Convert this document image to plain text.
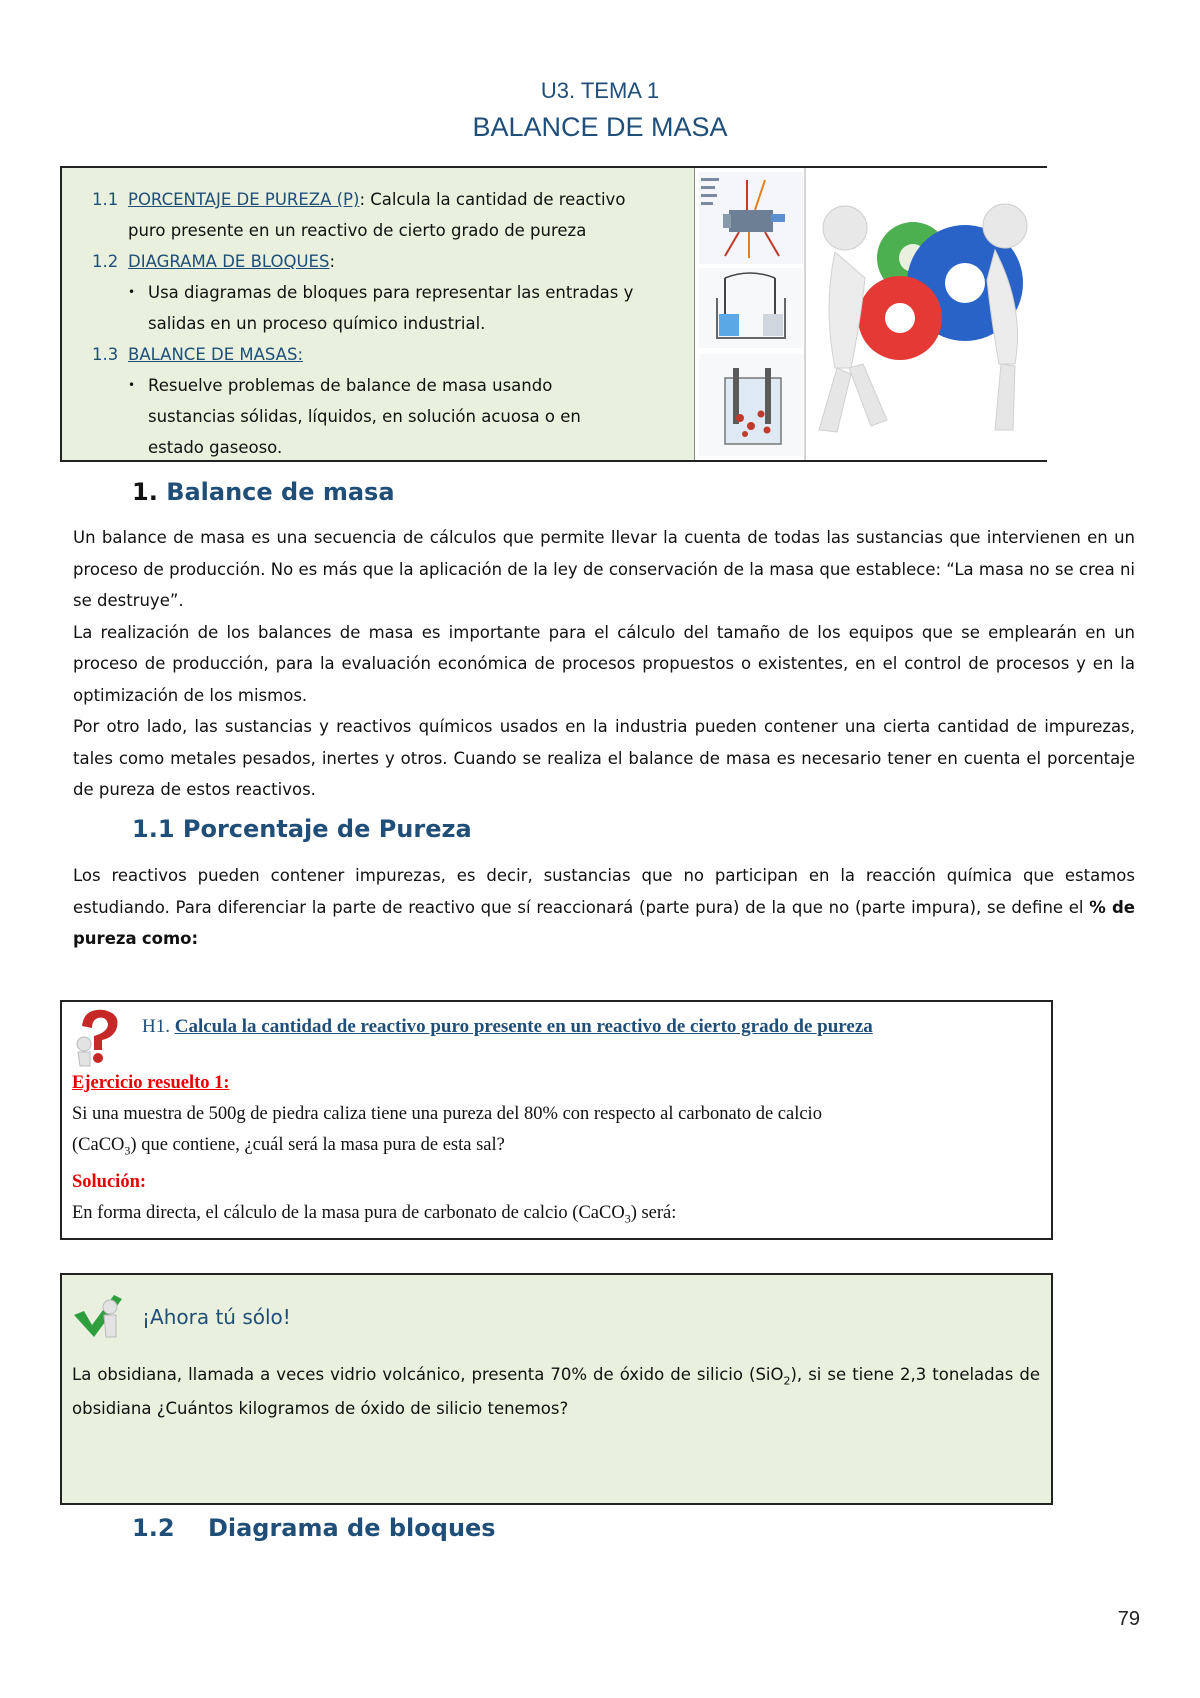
U3. TEMA 1
BALANCE DE MASA
1.1 PORCENTAJE DE PUREZA (P): Calcula la cantidad de reactivo
puro presente en un reactivo de cierto grado de pureza
1.2 DIAGRAMA DE BLOQUES:
• Usa diagramas de bloques para representar las entradas y
salidas en un proceso químico industrial.
1.3 BALANCE DE MASAS:
• Resuelve problemas de balance de masa usando
sustancias sólidas, líquidos, en solución acuosa o en
estado gaseoso.
1. Balance de masa

Un balance de masa es una secuencia de cálculos que permite llevar la cuenta de todas las sustancias que intervienen en un proceso de producción. No es más que la aplicación de la ley de conservación de la masa que establece: “La masa no se crea ni se destruye”.

La realización de los balances de masa es importante para el cálculo del tamaño de los equipos que se emplearán en un proceso de producción, para la evaluación económica de procesos propuestos o existentes, en el control de procesos y en la optimización de los mismos.

Por otro lado, las sustancias y reactivos químicos usados en la industria pueden contener una cierta cantidad de impurezas, tales como metales pesados, inertes y otros. Cuando se realiza el balance de masa es necesario tener en cuenta el porcentaje de pureza de estos reactivos.

1.1 Porcentaje de Pureza

Los reactivos pueden contener impurezas, es decir, sustancias que no participan en la reacción química que estamos estudiando. Para diferenciar la parte de reactivo que sí reaccionará (parte pura) de la que no (parte impura), se define el % de pureza como:

H1. Calcula la cantidad de reactivo puro presente en un reactivo de cierto grado de pureza
Ejercicio resuelto 1:
Si una muestra de 500g de piedra caliza tiene una pureza del 80% con respecto al carbonato de calcio
(CaCO$_3$) que contiene, ¿cuál será la masa pura de esta sal?
Solución:
En forma directa, el cálculo de la masa pura de carbonato de calcio (CaCO$_3$) será:
¡Ahora tú sólo!
La obsidiana, llamada a veces vidrio volcánico, presenta 70% de óxido de silicio (SiO$_2$), si se tiene 2,3 toneladas de obsidiana ¿Cuántos kilogramos de óxido de silicio tenemos?
1.2 Diagrama de bloques
79
